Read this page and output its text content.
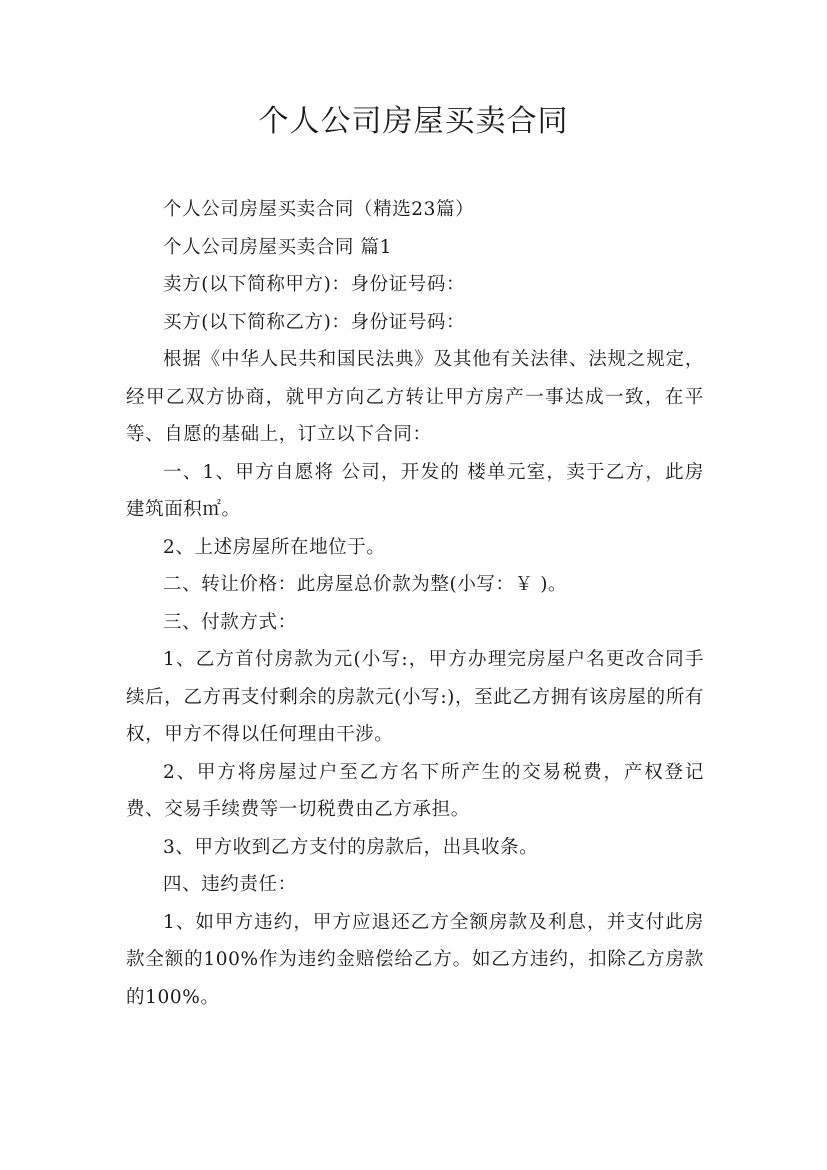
个人公司房屋买卖合同

个人公司房屋买卖合同（精选23篇）

个人公司房屋买卖合同 篇1

卖方(以下简称甲方)：身份证号码：

买方(以下简称乙方)：身份证号码：

根据《中华人民共和国民法典》及其他有关法律、法规之规定，经甲乙双方协商，就甲方向乙方转让甲方房产一事达成一致，在平等、自愿的基础上，订立以下合同：

一、1、甲方自愿将 公司，开发的 楼单元室，卖于乙方，此房建筑面积㎡。

2、上述房屋所在地位于。

二、转让价格：此房屋总价款为整(小写：￥ )。

三、付款方式：

1、乙方首付房款为元(小写:，甲方办理完房屋户名更改合同手续后，乙方再支付剩余的房款元(小写:)，至此乙方拥有该房屋的所有权，甲方不得以任何理由干涉。

2、甲方将房屋过户至乙方名下所产生的交易税费，产权登记费、交易手续费等一切税费由乙方承担。

3、甲方收到乙方支付的房款后，出具收条。

四、违约责任：

1、如甲方违约，甲方应退还乙方全额房款及利息，并支付此房款全额的100%作为违约金赔偿给乙方。如乙方违约，扣除乙方房款的100%。
